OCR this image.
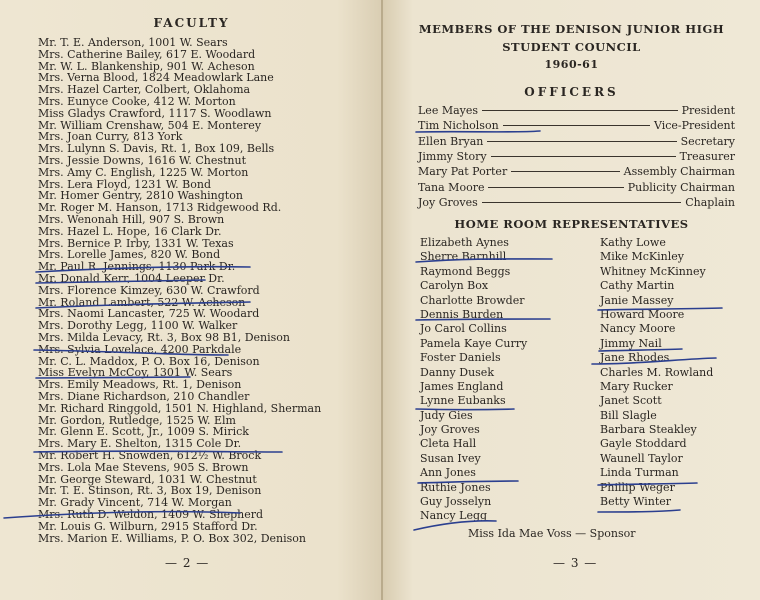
FACULTY
Mr. T. E. Anderson, 1001 W. Sears
Mrs. Catherine Bailey, 617 E. Woodard
Mr. W. L. Blankenship, 901 W. Acheson
Mrs. Verna Blood, 1824 Meadowlark Lane
Mrs. Hazel Carter, Colbert, Oklahoma
Mrs. Eunyce Cooke, 412 W. Morton
Miss Gladys Crawford, 1117 S. Woodlawn
Mr. William Crenshaw, 504 E. Monterey
Mrs. Joan Curry, 813 York
Mrs. Lulynn S. Davis, Rt. 1, Box 109, Bells
Mrs. Jessie Downs, 1616 W. Chestnut
Mrs. Amy C. English, 1225 W. Morton
Mrs. Lera Floyd, 1231 W. Bond
Mr. Homer Gentry, 2810 Washington
Mr. Roger M. Hanson, 1713 Ridgewood Rd.
Mrs. Wenonah Hill, 907 S. Brown
Mrs. Hazel L. Hope, 16 Clark Dr.
Mrs. Bernice P. Irby, 1331 W. Texas
Mrs. Lorelle James, 820 W. Bond
Mr. Paul R. Jennings, 1130 Park Dr.
Mr. Donald Kerr, 1004 Leeper Dr.
Mrs. Florence Kimzey, 630 W. Crawford
Mr. Roland Lambert, 522 W. Acheson
Mrs. Naomi Lancaster, 725 W. Woodard
Mrs. Dorothy Legg, 1100 W. Walker
Mrs. Milda Levacy, Rt. 3, Box 98 B1, Denison
Mrs. Sylvia Lovelace, 4200 Parkdale
Mr. C. L. Maddox, P. O. Box 16, Denison
Miss Evelyn McCoy, 1301 W. Sears
Mrs. Emily Meadows, Rt. 1, Denison
Mrs. Diane Richardson, 210 Chandler
Mr. Richard Ringgold, 1501 N. Highland, Sherman
Mr. Gordon, Rutledge, 1525 W. Elm
Mr. Glenn E. Scott, Jr., 1009 S. Mirick
Mrs. Mary E. Shelton, 1315 Cole Dr.
Mr. Robert H. Snowden, 612½ W. Brock
Mrs. Lola Mae Stevens, 905 S. Brown
Mr. George Steward, 1031 W. Chestnut
Mr. T. E. Stinson, Rt. 3, Box 19, Denison
Mr. Grady Vincent, 714 W. Morgan
Mrs. Ruth D. Weldon, 1409 W. Shepherd
Mr. Louis G. Wilburn, 2915 Stafford Dr.
Mrs. Marion E. Williams, P. O. Box 302, Denison
— 2 —
MEMBERS OF THE DENISON JUNIOR HIGH
STUDENT COUNCIL
1960-61
OFFICERS
Lee Mayes	President
Tim Nicholson	Vice-President
Ellen Bryan	Secretary
Jimmy Story	Treasurer
Mary Pat Porter	Assembly Chairman
Tana Moore	Publicity Chairman
Joy Groves	Chaplain
HOME ROOM REPRESENTATIVES
Elizabeth Aynes
Sherre Barnhill
Raymond Beggs
Carolyn Box
Charlotte Browder
Dennis Burden
Jo Carol Collins
Pamela Kaye Curry
Foster Daniels
Danny Dusek
James England
Lynne Eubanks
Judy Gies
Joy Groves
Cleta Hall
Susan Ivey
Ann Jones
Ruthie Jones
Guy Josselyn
Nancy Legg
Kathy Lowe
Mike McKinley
Whitney McKinney
Cathy Martin
Janie Massey
Howard Moore
Nancy Moore
Jimmy Nail
Jane Rhodes
Charles M. Rowland
Mary Rucker
Janet Scott
Bill Slagle
Barbara Steakley
Gayle Stoddard
Waunell Taylor
Linda Turman
Phillip Weger
Betty Winter
Miss Ida Mae Voss — Sponsor
— 3 —
